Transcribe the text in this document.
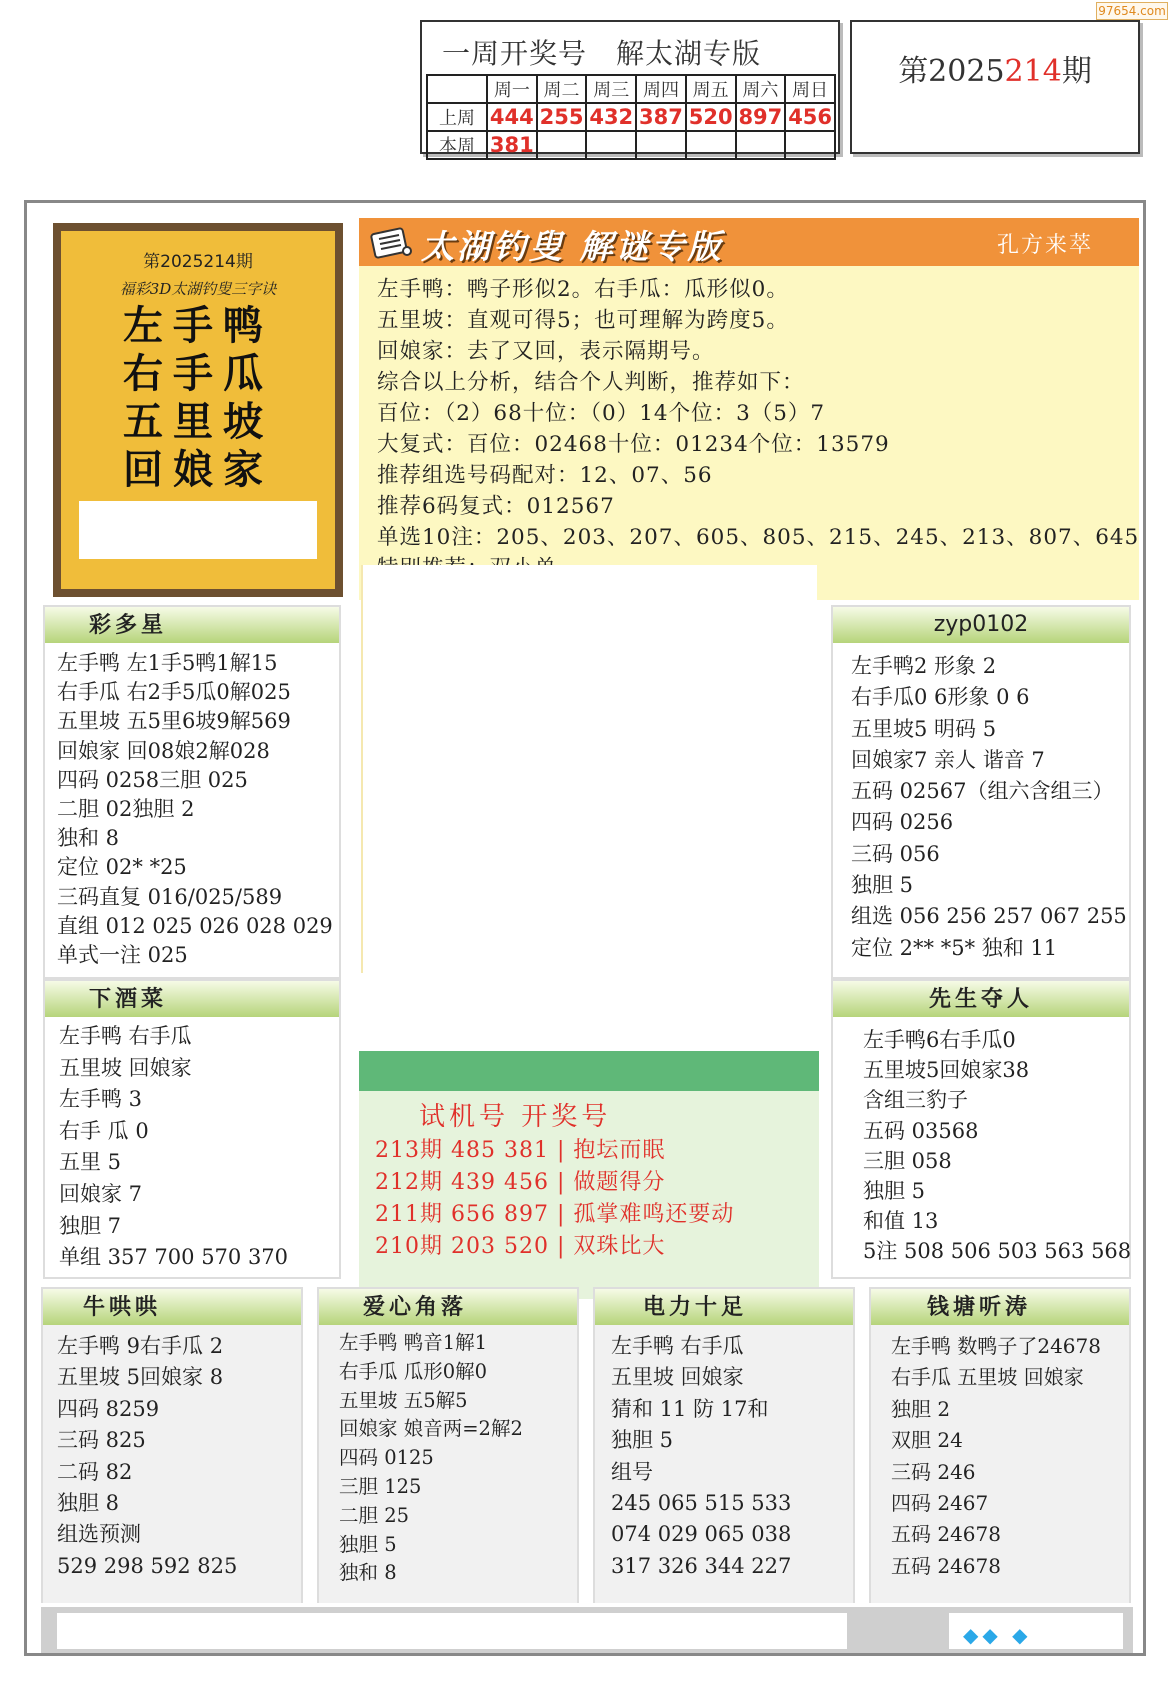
97654.com
一周开奖号　解太湖专版
	周一	周二	周三	周四	周五	周六	周日
上周	444	255	432	387	520	897	456
本周	381						
第2025214期
第2025214期
福彩3D太湖钓叟三字诀
左手鸭
右手瓜
五里坡
回娘家
太湖钓叟 解谜专版	孔方来萃
左手鸭：鸭子形似2。右手瓜：瓜形似0。
五里坡：直观可得5；也可理解为跨度5。
回娘家：去了又回，表示隔期号。
综合以上分析，结合个人判断，推荐如下：
百位：（2）68十位：（0）14个位：3（5）7
大复式：百位：02468十位：01234个位：13579
推荐组选号码配对：12、07、56
推荐6码复式：012567
单选10注：205、203、207、605、805、215、245、213、807、645
彩多星
左手鸭 左1手5鸭1解15
右手瓜 右2手5瓜0解025
五里坡 五5里6坡9解569
回娘家 回08娘2解028
四码 0258三胆 025
二胆 02独胆 2
独和 8
定位 02* *25
三码直复 016/025/589
直组 012 025 026 028 029
单式一注 025
zyp0102
左手鸭2 形象 2
右手瓜0 6形象 0 6
五里坡5 明码 5
回娘家7 亲人 谐音 7
五码 02567（组六含组三）
四码 0256
三码 056
独胆 5
组选 056 256 257 067 255
定位 2** *5* 独和 11
下酒菜
左手鸭 右手瓜
五里坡 回娘家
左手鸭 3
右手 瓜 0
五里 5
回娘家 7
独胆 7
单组 357 700 570 370
试机号 开奖号
213期 485 381 | 抱坛而眠
212期 439 456 | 做题得分
211期 656 897 | 孤掌难鸣还要动
210期 203 520 | 双珠比大
先生夺人
左手鸭6右手瓜0
五里坡5回娘家38
含组三豹子
五码 03568
三胆 058
独胆 5
和值 13
5注 508 506 503 563 568
牛哄哄
左手鸭 9右手瓜 2
五里坡 5回娘家 8
四码 8259
三码 825
二码 82
独胆 8
组选预测
529 298 592 825
爱心角落
左手鸭 鸭音1解1
右手瓜 瓜形0解0
五里坡 五5解5
回娘家 娘音两=2解2
四码 0125
三胆 125
二胆 25
独胆 5
独和 8
电力十足
左手鸭 右手瓜
五里坡 回娘家
猜和 11 防 17和
独胆 5
组号
245 065 515 533
074 029 065 038
317 326 344 227
钱塘听涛
左手鸭 数鸭子了24678
右手瓜 五里坡 回娘家
独胆 2
双胆 24
三码 246
四码 2467
五码 24678
五码 24678
◆◆ ◆
